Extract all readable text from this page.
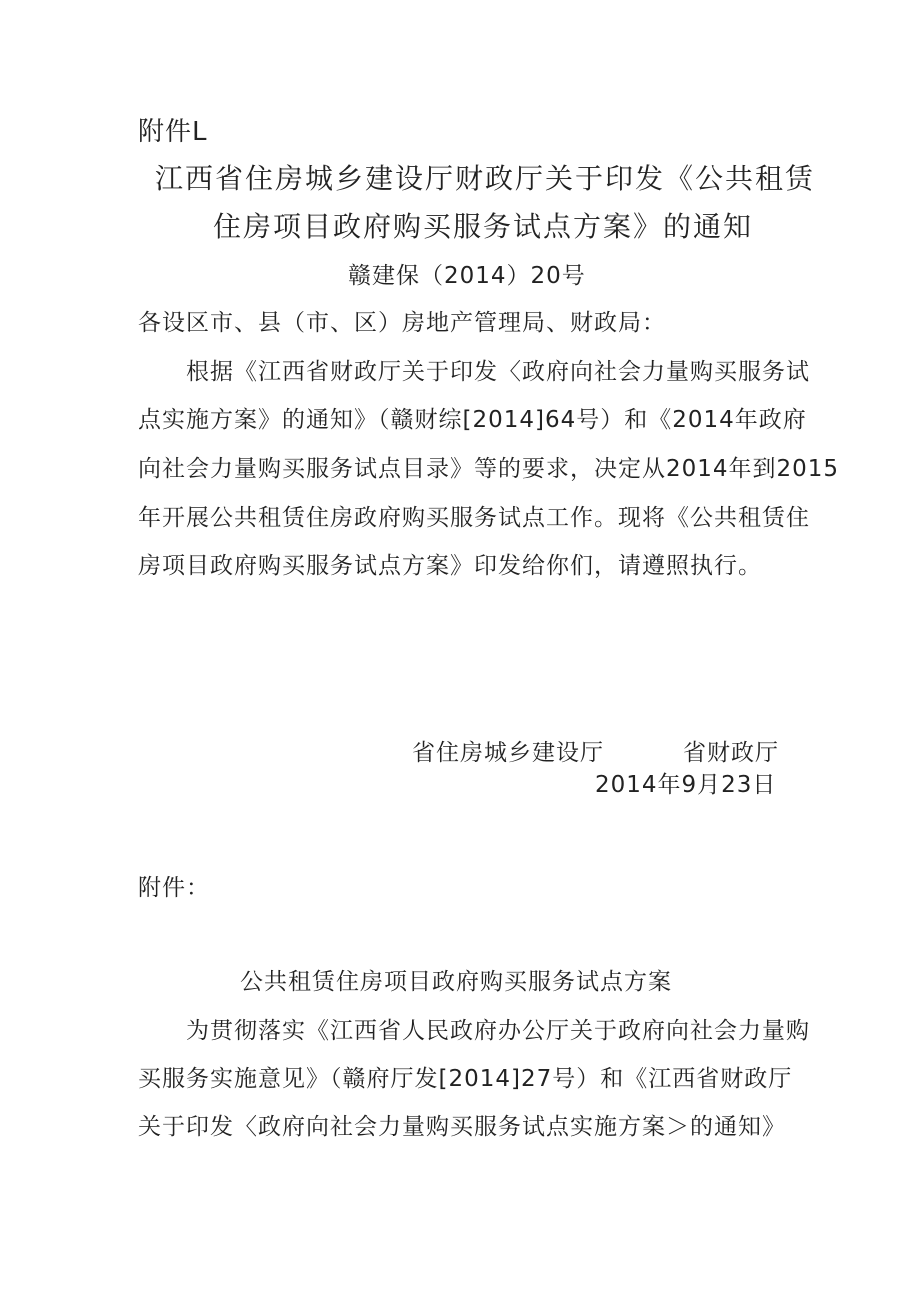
附件L
江西省住房城乡建设厅财政厅关于印发《公共租赁
住房项目政府购买服务试点方案》的通知
赣建保（2014）20号
各设区市、县（市、区）房地产管理局、财政局：
根据《江西省财政厅关于印发〈政府向社会力量购买服务试
点实施方案》的通知》（赣财综[2014]64号）和《2014年政府
向社会力量购买服务试点目录》等的要求，决定从2014年到2015
年开展公共租赁住房政府购买服务试点工作。现将《公共租赁住
房项目政府购买服务试点方案》印发给你们，请遵照执行。
省住房城乡建设厅	省财政厅
2014年9月23日
附件：
公共租赁住房项目政府购买服务试点方案
为贯彻落实《江西省人民政府办公厅关于政府向社会力量购
买服务实施意见》（赣府厅发[2014]27号）和《江西省财政厅
关于印发〈政府向社会力量购买服务试点实施方案＞的通知》
